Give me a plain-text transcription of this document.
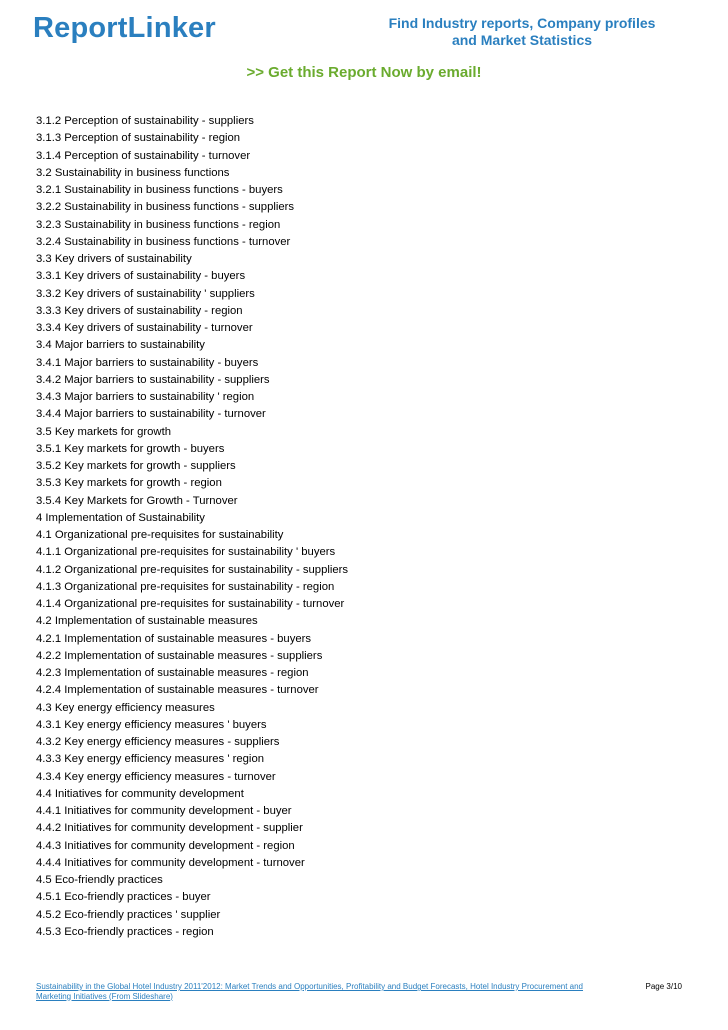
ReportLinker	Find Industry reports, Company profiles
and Market Statistics
>> Get this Report Now by email!
3.1.2 Perception of sustainability - suppliers
3.1.3 Perception of sustainability - region
3.1.4 Perception of sustainability - turnover
3.2 Sustainability in business functions
3.2.1 Sustainability in business functions - buyers
3.2.2 Sustainability in business functions - suppliers
3.2.3 Sustainability in business functions - region
3.2.4 Sustainability in business functions - turnover
3.3 Key drivers of sustainability
3.3.1 Key drivers of sustainability - buyers
3.3.2 Key drivers of sustainability ' suppliers
3.3.3 Key drivers of sustainability - region
3.3.4 Key drivers of sustainability - turnover
3.4 Major barriers to sustainability
3.4.1 Major barriers to sustainability - buyers
3.4.2 Major barriers to sustainability - suppliers
3.4.3 Major barriers to sustainability ' region
3.4.4 Major barriers to sustainability - turnover
3.5 Key markets for growth
3.5.1 Key markets for growth - buyers
3.5.2 Key markets for growth - suppliers
3.5.3 Key markets for growth - region
3.5.4 Key Markets for Growth - Turnover
4 Implementation of Sustainability
4.1 Organizational pre-requisites for sustainability
4.1.1 Organizational pre-requisites for sustainability ' buyers
4.1.2 Organizational pre-requisites for sustainability - suppliers
4.1.3 Organizational pre-requisites for sustainability - region
4.1.4 Organizational pre-requisites for sustainability - turnover
4.2 Implementation of sustainable measures
4.2.1 Implementation of sustainable measures - buyers
4.2.2 Implementation of sustainable measures - suppliers
4.2.3 Implementation of sustainable measures - region
4.2.4 Implementation of sustainable measures - turnover
4.3 Key energy efficiency measures
4.3.1 Key energy efficiency measures ' buyers
4.3.2 Key energy efficiency measures - suppliers
4.3.3 Key energy efficiency measures ' region
4.3.4 Key energy efficiency measures - turnover
4.4 Initiatives for community development
4.4.1 Initiatives for community development - buyer
4.4.2 Initiatives for community development - supplier
4.4.3 Initiatives for community development - region
4.4.4 Initiatives for community development - turnover
4.5 Eco-friendly practices
4.5.1 Eco-friendly practices - buyer
4.5.2 Eco-friendly practices ' supplier
4.5.3 Eco-friendly practices - region
Sustainability in the Global Hotel Industry 2011'2012: Market Trends and Opportunities, Profitability and Budget Forecasts, Hotel Industry Procurement and Marketing Initiatives (From Slideshare)
Page 3/10
